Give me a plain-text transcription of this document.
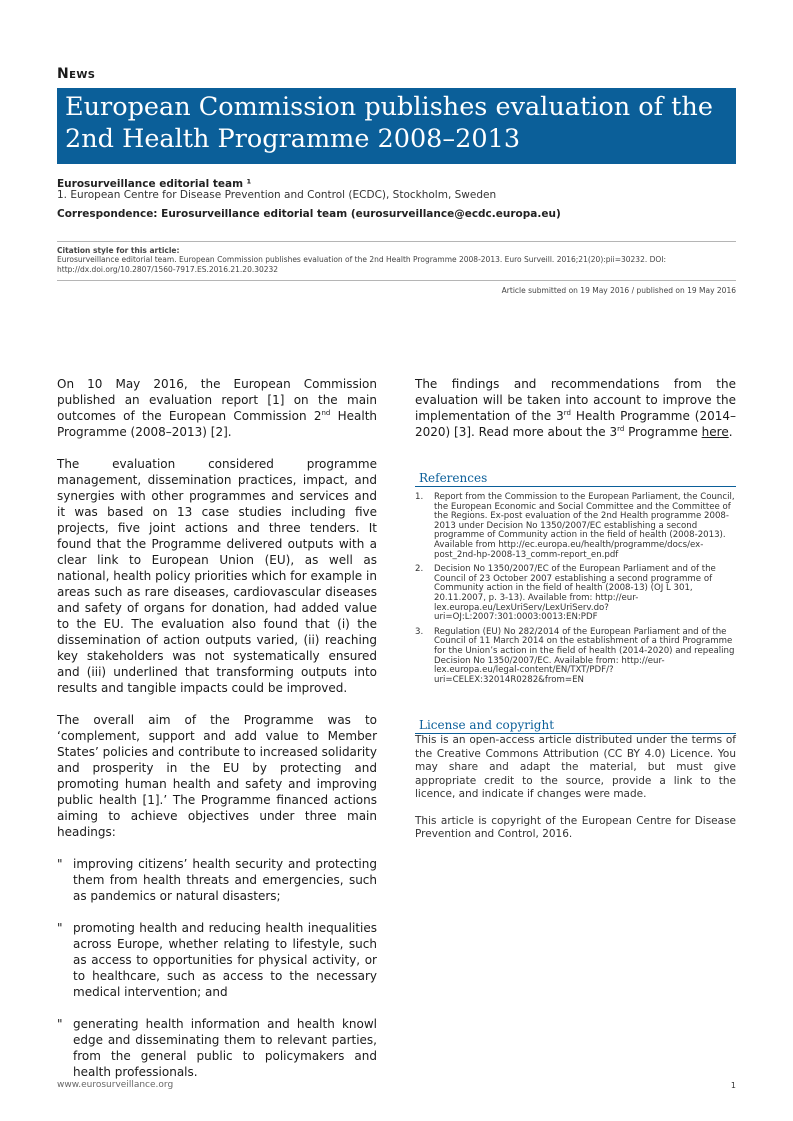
News
European Commission publishes evaluation of the 2nd Health Programme 2008–2013
Eurosurveillance editorial team ¹
1. European Centre for Disease Prevention and Control (ECDC), Stockholm, Sweden
Correspondence: Eurosurveillance editorial team (eurosurveillance@ecdc.europa.eu)
Citation style for this article:
Eurosurveillance editorial team. European Commission publishes evaluation of the 2nd Health Programme 2008-2013. Euro Surveill. 2016;21(20):pii=30232. DOI: http://dx.doi.org/10.2807/1560-7917.ES.2016.21.20.30232
Article submitted on 19 May 2016 / published on 19 May 2016

On 10 May 2016, the European Commission published an evaluation report [1] on the main outcomes of the European Commission 2nd Health Programme (2008–2013) [2].

The evaluation considered programme management, dissemination practices, impact, and synergies with other programmes and services and it was based on 13 case studies including five projects, five joint actions and three tenders. It found that the Programme delivered outputs with a clear link to European Union (EU), as well as national, health policy priorities which for example in areas such as rare diseases, cardiovascular diseases and safety of organs for donation, had added value to the EU. The evaluation also found that (i) the dissemination of action outputs varied, (ii) reaching key stakeholders was not systematically ensured and (iii) underlined that transforming outputs into results and tangible impacts could be improved.

The overall aim of the Programme was to ‘complement, support and add value to Member States’ policies and contribute to increased solidarity and prosperity in the EU by protecting and promoting human health and safety and improving public health [1].’ The Programme financed actions aiming to achieve objectives under three main headings:

" improving citizens’ health security and protecting them from health threats and emergencies, such as pandemics or natural disasters;

" promoting health and reducing health inequalities across Europe, whether relating to lifestyle, such as access to opportunities for physical activity, or to healthcare, such as access to the necessary medical intervention; and

" generating health information and health knowl edge and disseminating them to relevant parties, from the general public to policymakers and health professionals.

The findings and recommendations from the evaluation will be taken into account to improve the implementation of the 3rd Health Programme (2014–2020) [3]. Read more about the 3rd Programme here.

References
1. Report from the Commission to the European Parliament, the Council, the European Economic and Social Committee and the Committee of the Regions. Ex-post evaluation of the 2nd Health programme 2008-2013 under Decision No 1350/2007/EC establishing a second programme of Community action in the field of health (2008-2013). Available from http://ec.europa.eu/health/programme/docs/ex-post_2nd-hp-2008-13_comm-report_en.pdf
2. Decision No 1350/2007/EC of the European Parliament and of the Council of 23 October 2007 establishing a second programme of Community action in the field of health (2008-13) (OJ L 301, 20.11.2007, p. 3-13). Available from: http://eur-lex.europa.eu/LexUriServ/LexUriServ.do?uri=OJ:L:2007:301:0003:0013:EN:PDF
3. Regulation (EU) No 282/2014 of the European Parliament and of the Council of 11 March 2014 on the establishment of a third Programme for the Union’s action in the field of health (2014-2020) and repealing Decision No 1350/2007/EC. Available from: http://eur-lex.europa.eu/legal-content/EN/TXT/PDF/?uri=CELEX:32014R0282&from=EN
License and copyright

This is an open-access article distributed under the terms of the Creative Commons Attribution (CC BY 4.0) Licence. You may share and adapt the material, but must give appropriate credit to the source, provide a link to the licence, and indicate if changes were made.

This article is copyright of the European Centre for Disease Prevention and Control, 2016.

www.eurosurveillance.org	1
